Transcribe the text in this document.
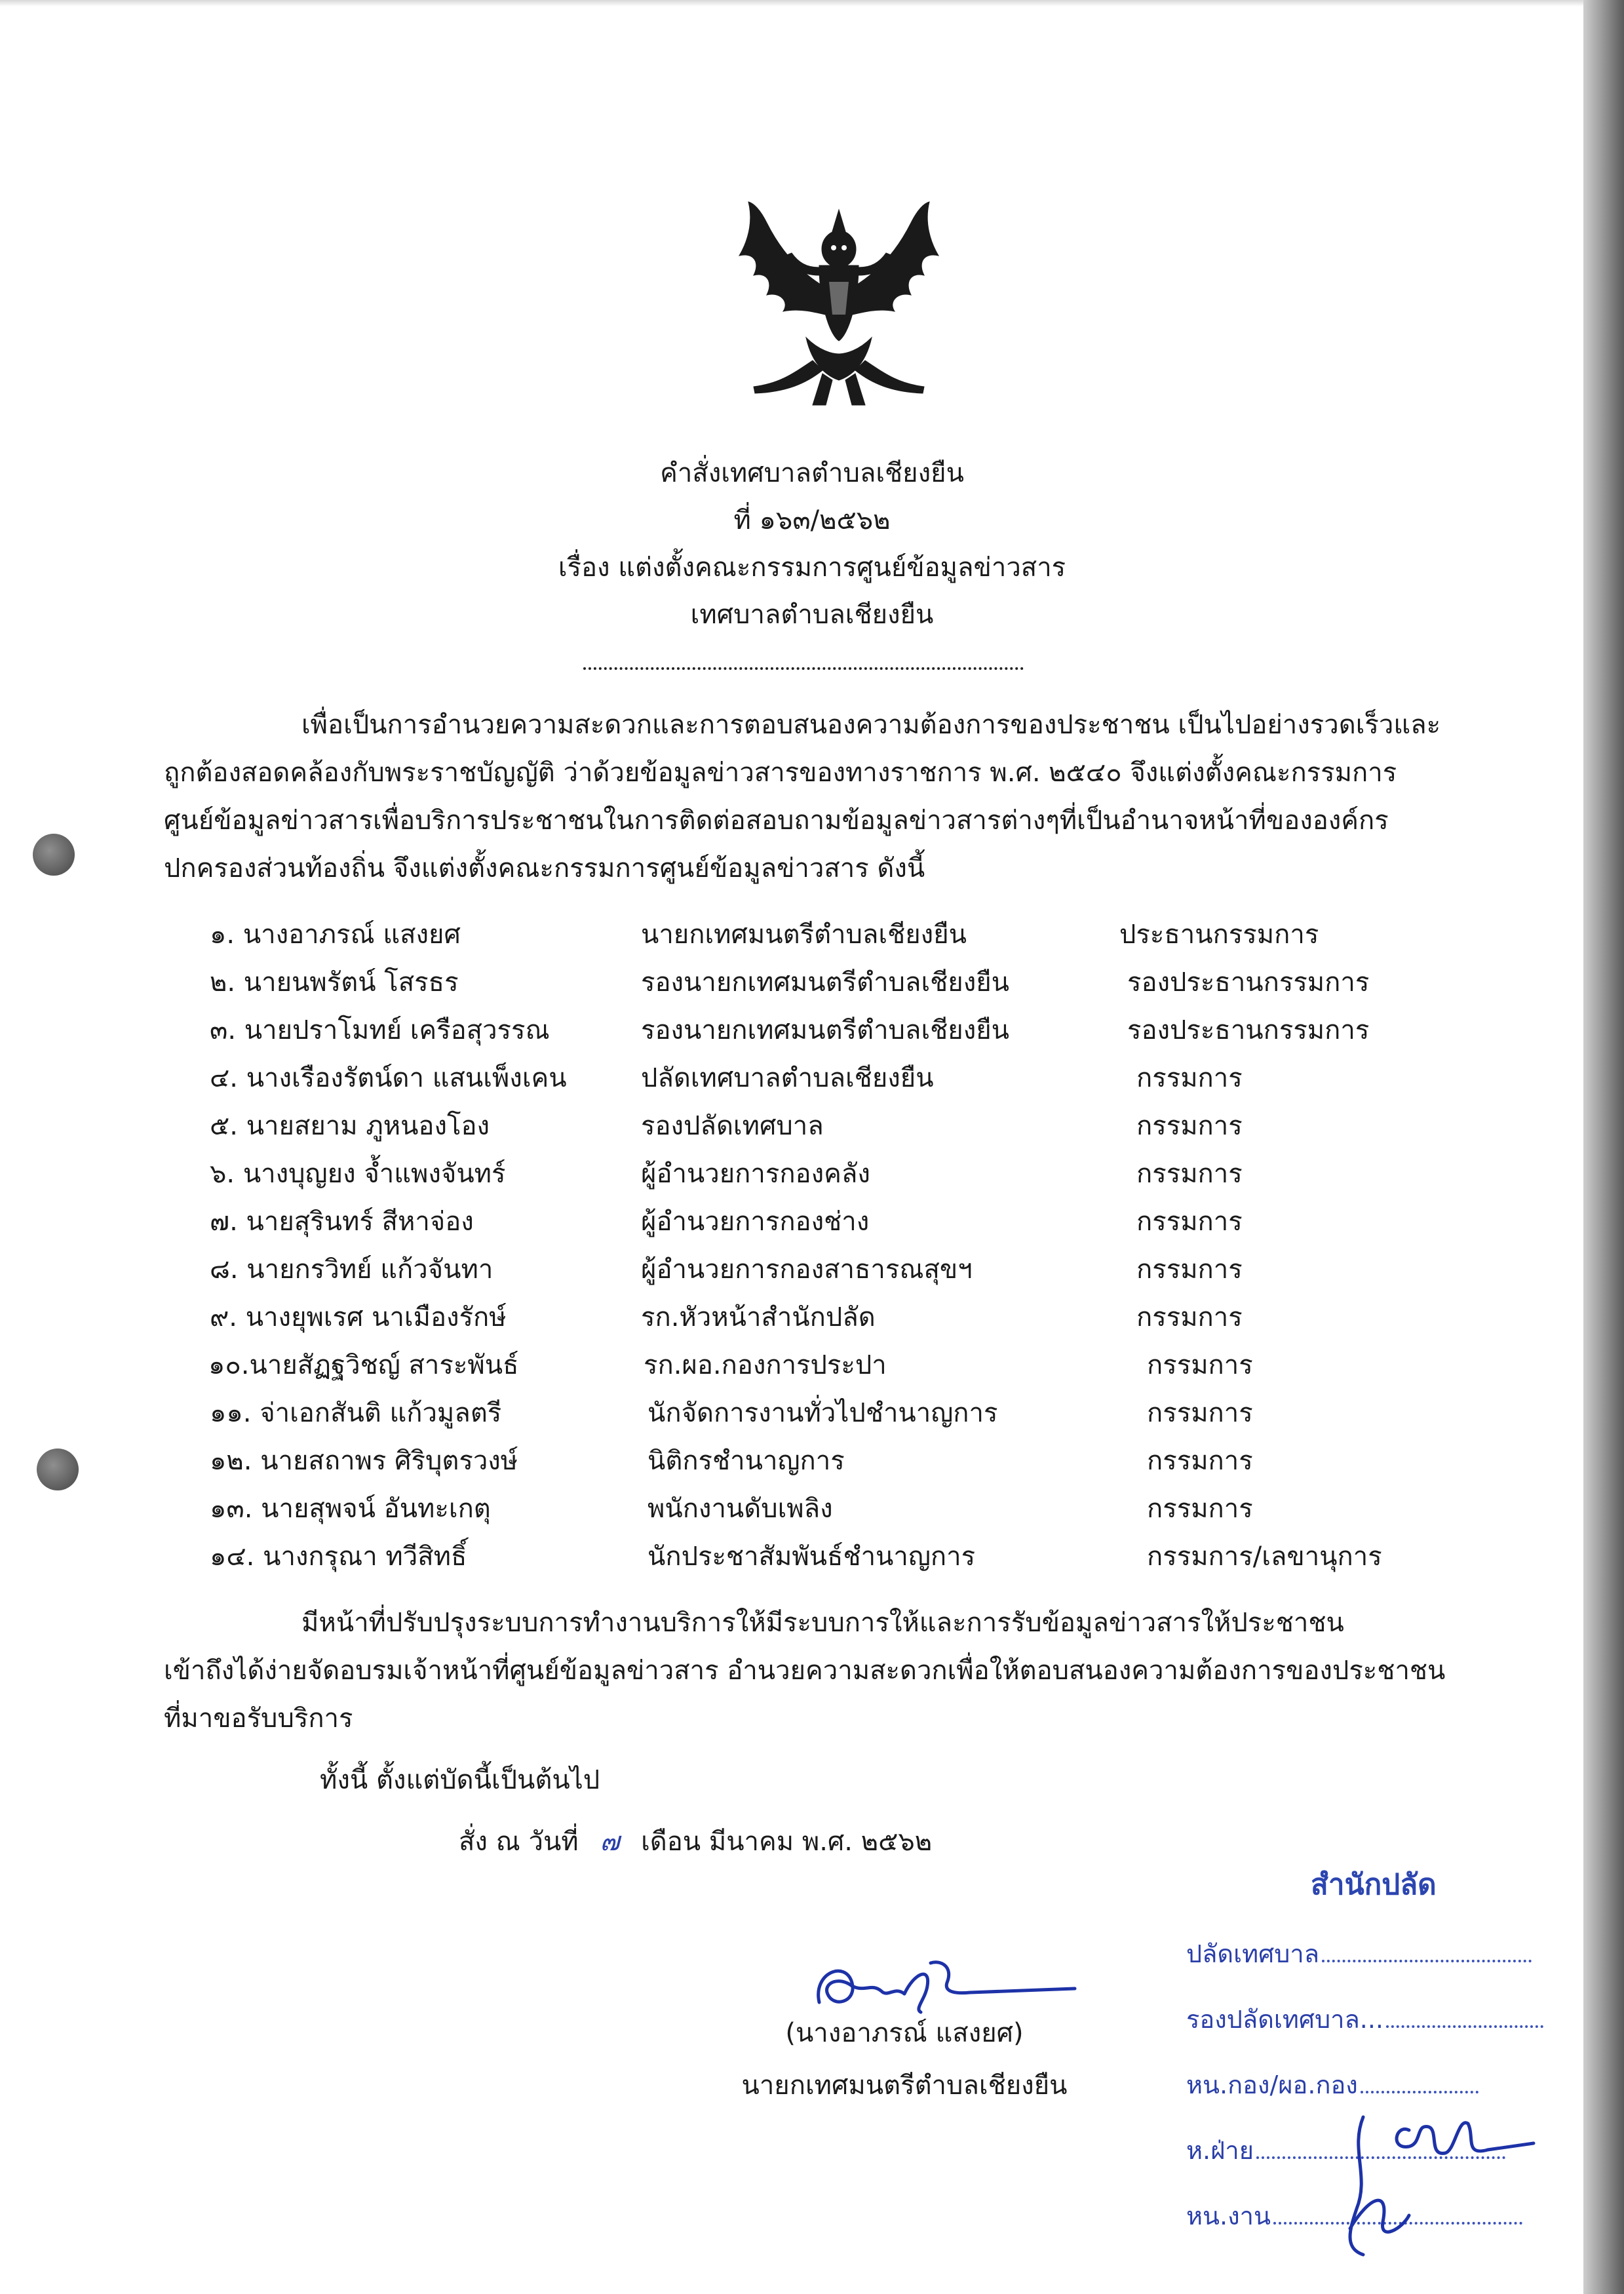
คำสั่งเทศบาลตำบลเชียงยืน
ที่ ๑๖๓/๒๕๖๒
เรื่อง แต่งตั้งคณะกรรมการศูนย์ข้อมูลข่าวสาร
เทศบาลตำบลเชียงยืน
เพื่อเป็นการอำนวยความสะดวกและการตอบสนองความต้องการของประชาชน เป็นไปอย่างรวดเร็วและ
ถูกต้องสอดคล้องกับพระราชบัญญัติ ว่าด้วยข้อมูลข่าวสารของทางราชการ พ.ศ. ๒๕๔๐ จึงแต่งตั้งคณะกรรมการ
ศูนย์ข้อมูลข่าวสารเพื่อบริการประชาชนในการติดต่อสอบถามข้อมูลข่าวสารต่างๆที่เป็นอำนาจหน้าที่ขององค์กร
ปกครองส่วนท้องถิ่น จึงแต่งตั้งคณะกรรมการศูนย์ข้อมูลข่าวสาร ดังนี้
๑. นางอาภรณ์ แสงยศ	นายกเทศมนตรีตำบลเชียงยืน	ประธานกรรมการ
๒. นายนพรัตน์ โสรธร	รองนายกเทศมนตรีตำบลเชียงยืน	รองประธานกรรมการ
๓. นายปราโมทย์ เครือสุวรรณ	รองนายกเทศมนตรีตำบลเชียงยืน	รองประธานกรรมการ
๔. นางเรืองรัตน์ดา แสนเพ็งเคน	ปลัดเทศบาลตำบลเชียงยืน	กรรมการ
๕. นายสยาม ภูหนองโอง	รองปลัดเทศบาล	กรรมการ
๖. นางบุญยง จ้ำแพงจันทร์	ผู้อำนวยการกองคลัง	กรรมการ
๗. นายสุรินทร์ สีหาจ่อง	ผู้อำนวยการกองช่าง	กรรมการ
๘. นายกรวิทย์ แก้วจันทา	ผู้อำนวยการกองสาธารณสุขฯ	กรรมการ
๙. นางยุพเรศ นาเมืองรักษ์	รก.หัวหน้าสำนักปลัด	กรรมการ
๑๐.นายสัฏฐวิชญ์ สาระพันธ์	รก.ผอ.กองการประปา	กรรมการ
๑๑. จ่าเอกสันติ แก้วมูลตรี	นักจัดการงานทั่วไปชำนาญการ	กรรมการ
๑๒. นายสถาพร ศิริบุตรวงษ์	นิติกรชำนาญการ	กรรมการ
๑๓. นายสุพจน์ อันทะเกตุ	พนักงานดับเพลิง	กรรมการ
๑๔. นางกรุณา ทวีสิทธิ์	นักประชาสัมพันธ์ชำนาญการ	กรรมการ/เลขานุการ
มีหน้าที่ปรับปรุงระบบการทำงานบริการให้มีระบบการให้และการรับข้อมูลข่าวสารให้ประชาชน
เข้าถึงได้ง่ายจัดอบรมเจ้าหน้าที่ศูนย์ข้อมูลข่าวสาร อำนวยความสะดวกเพื่อให้ตอบสนองความต้องการของประชาชน
ที่มาขอรับบริการ
ทั้งนี้ ตั้งแต่บัดนี้เป็นต้นไป
สั่ง ณ วันที่ ๗ เดือน มีนาคม พ.ศ. ๒๕๖๒
(นางอาภรณ์ แสงยศ)
นายกเทศมนตรีตำบลเชียงยืน
สำนักปลัด
ปลัดเทศบาล
รองปลัดเทศบาล...
หน.กอง/ผอ.กอง
ห.ฝ่าย
หน.งาน
